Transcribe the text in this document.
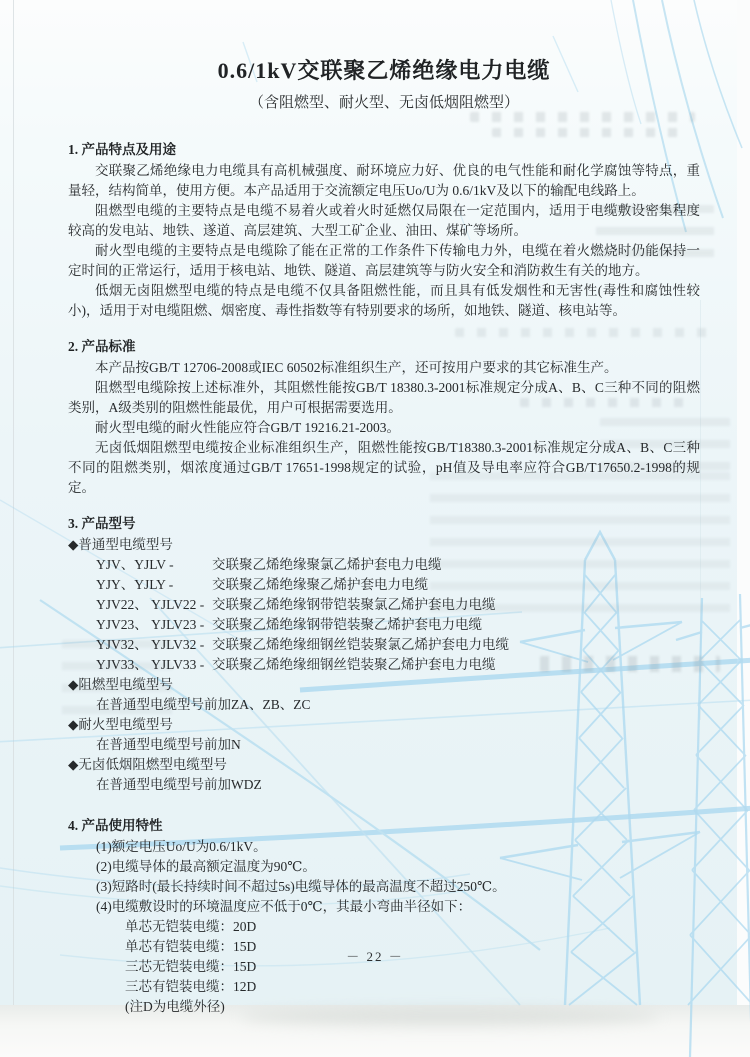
0.6/1kV交联聚乙烯绝缘电力电缆
（含阻燃型、耐火型、无卤低烟阻燃型）
1. 产品特点及用途

交联聚乙烯绝缘电力电缆具有高机械强度、耐环境应力好、优良的电气性能和耐化学腐蚀等特点，重量轻，结构简单，使用方便。本产品适用于交流额定电压Uo/U为 0.6/1kV及以下的输配电线路上。

阻燃型电缆的主要特点是电缆不易着火或着火时延燃仅局限在一定范围内，适用于电缆敷设密集程度较高的发电站、地铁、遂道、高层建筑、大型工矿企业、油田、煤矿等场所。

耐火型电缆的主要特点是电缆除了能在正常的工作条件下传输电力外，电缆在着火燃烧时仍能保持一定时间的正常运行，适用于核电站、地铁、隧道、高层建筑等与防火安全和消防救生有关的地方。

低烟无卤阻燃型电缆的特点是电缆不仅具备阻燃性能，而且具有低发烟性和无害性(毒性和腐蚀性较小)，适用于对电缆阻燃、烟密度、毒性指数等有特别要求的场所，如地铁、隧道、核电站等。

2. 产品标准

本产品按GB/T 12706-2008或IEC 60502标准组织生产，还可按用户要求的其它标准生产。

阻燃型电缆除按上述标准外，其阻燃性能按GB/T 18380.3-2001标准规定分成A、B、C三种不同的阻燃类别，A级类别的阻燃性能最优，用户可根据需要选用。

耐火型电缆的耐火性能应符合GB/T 19216.21-2003。

无卤低烟阻燃型电缆按企业标准组织生产，阻燃性能按GB/T18380.3-2001标准规定分成A、B、C三种不同的阻燃类别，烟浓度通过GB/T 17651-1998规定的试验，pH值及导电率应符合GB/T17650.2-1998的规定。

3. 产品型号

◆普通型电缆型号

YJV、YJLV -	交联聚乙烯绝缘聚氯乙烯护套电力电缆
YJY、YJLY -	交联聚乙烯绝缘聚乙烯护套电力电缆
YJV22、 YJLV22 - 交联聚乙烯绝缘钢带铠装聚氯乙烯护套电力电缆
YJV23、 YJLV23 - 交联聚乙烯绝缘钢带铠装聚乙烯护套电力电缆
YJV32、 YJLV32 - 交联聚乙烯绝缘细钢丝铠装聚氯乙烯护套电力电缆
YJV33、 YJLV33 - 交联聚乙烯绝缘细钢丝铠装聚乙烯护套电力电缆

◆阻燃型电缆型号

在普通型电缆型号前加ZA、ZB、ZC

◆耐火型电缆型号

在普通型电缆型号前加N

◆无卤低烟阻燃型电缆型号

在普通型电缆型号前加WDZ

4. 产品使用特性

(1)额定电压Uo/U为0.6/1kV。

(2)电缆导体的最高额定温度为90℃。

(3)短路时(最长持续时间不超过5s)电缆导体的最高温度不超过250℃。

(4)电缆敷设时的环境温度应不低于0℃，其最小弯曲半径如下：

单芯无铠装电缆：20D

单芯有铠装电缆：15D

三芯无铠装电缆：15D

三芯有铠装电缆：12D

(注D为电缆外径)

－ 22 －
